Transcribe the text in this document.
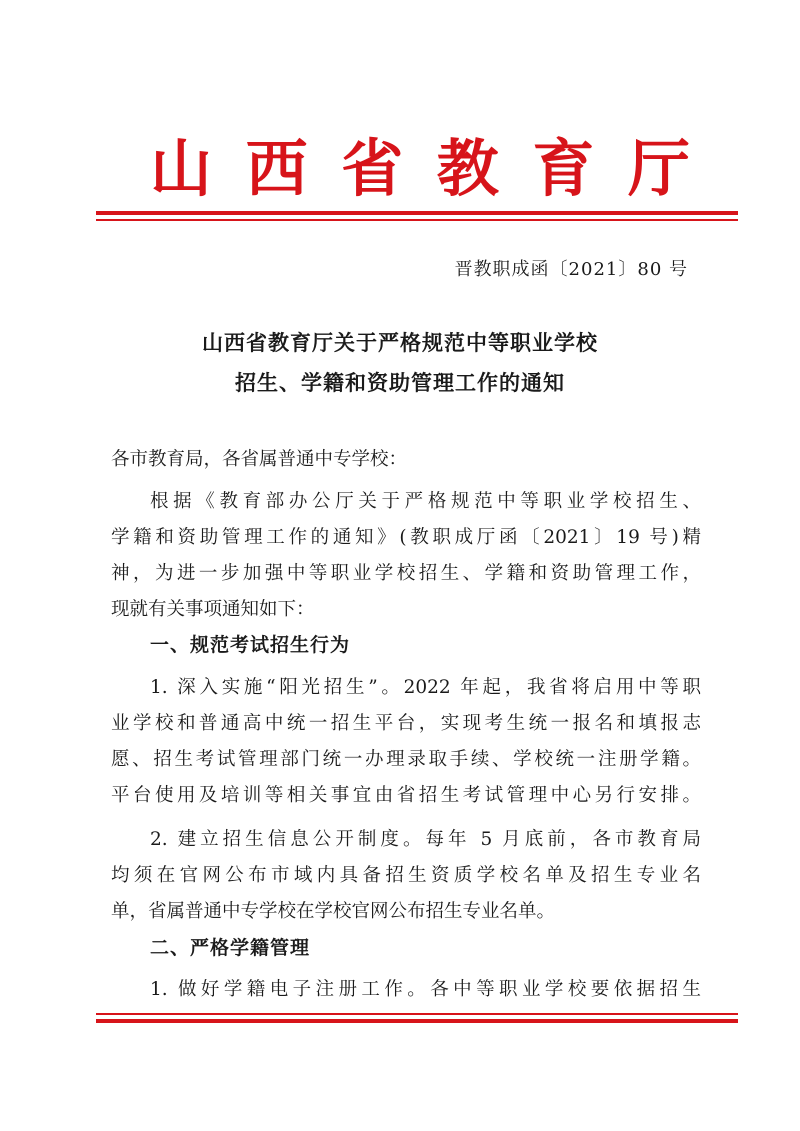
山 西 省 教 育 厅
晋教职成函〔2021〕80 号
山西省教育厅关于严格规范中等职业学校
招生、学籍和资助管理工作的通知
各市教育局，各省属普通中专学校：
根据《教育部办公厅关于严格规范中等职业学校招生、
学籍和资助管理工作的通知》(教职成厅函〔2021〕19 号)精
神，为进一步加强中等职业学校招生、学籍和资助管理工作，
现就有关事项通知如下：
一、规范考试招生行为
1. 深入实施“阳光招生”。2022 年起，我省将启用中等职
业学校和普通高中统一招生平台，实现考生统一报名和填报志
愿、招生考试管理部门统一办理录取手续、学校统一注册学籍。
平台使用及培训等相关事宜由省招生考试管理中心另行安排。
2. 建立招生信息公开制度。每年 5 月底前，各市教育局
均须在官网公布市域内具备招生资质学校名单及招生专业名
单，省属普通中专学校在学校官网公布招生专业名单。
二、严格学籍管理
1. 做好学籍电子注册工作。各中等职业学校要依据招生
